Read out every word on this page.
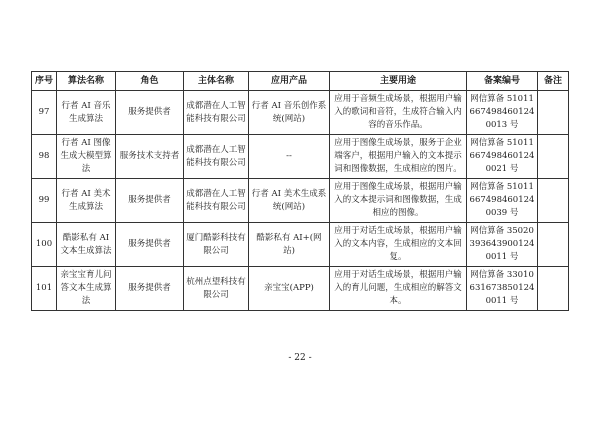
序号	算法名称	角色	主体名称	应用产品	主要用途	备案编号	备注
97	行者 AI 音乐生成算法	服务提供者	成都潜在人工智能科技有限公司	行者 AI 音乐创作系统(网站)	应用于音频生成场景，根据用户输入的歌词和音符，生成符合输入内容的音乐作品。	网信算备 510116674984601240013 号	
98	行者 AI 图像生成大模型算法	服务技术支持者	成都潜在人工智能科技有限公司	--	应用于图像生成场景，服务于企业端客户，根据用户输入的文本提示词和图像数据，生成相应的图片。	网信算备 510116674984601240021 号	
99	行者 AI 美术生成算法	服务提供者	成都潜在人工智能科技有限公司	行者 AI 美术生成系统(网站)	应用于图像生成场景，根据用户输入的文本提示词和图像数据，生成相应的图像。	网信算备 510116674984601240039 号	
100	酷影私有 AI 文本生成算法	服务提供者	厦门酷影科技有限公司	酷影私有 AI+(网站)	应用于对话生成场景，根据用户输入的文本内容，生成相应的文本回复。	网信算备 350203936439001240011 号	
101	亲宝宝育儿问答文本生成算法	服务提供者	杭州点望科技有限公司	亲宝宝(APP)	应用于对话生成场景，根据用户输入的育儿问题，生成相应的解答文本。	网信算备 330106316738501240011 号	
- 22 -
